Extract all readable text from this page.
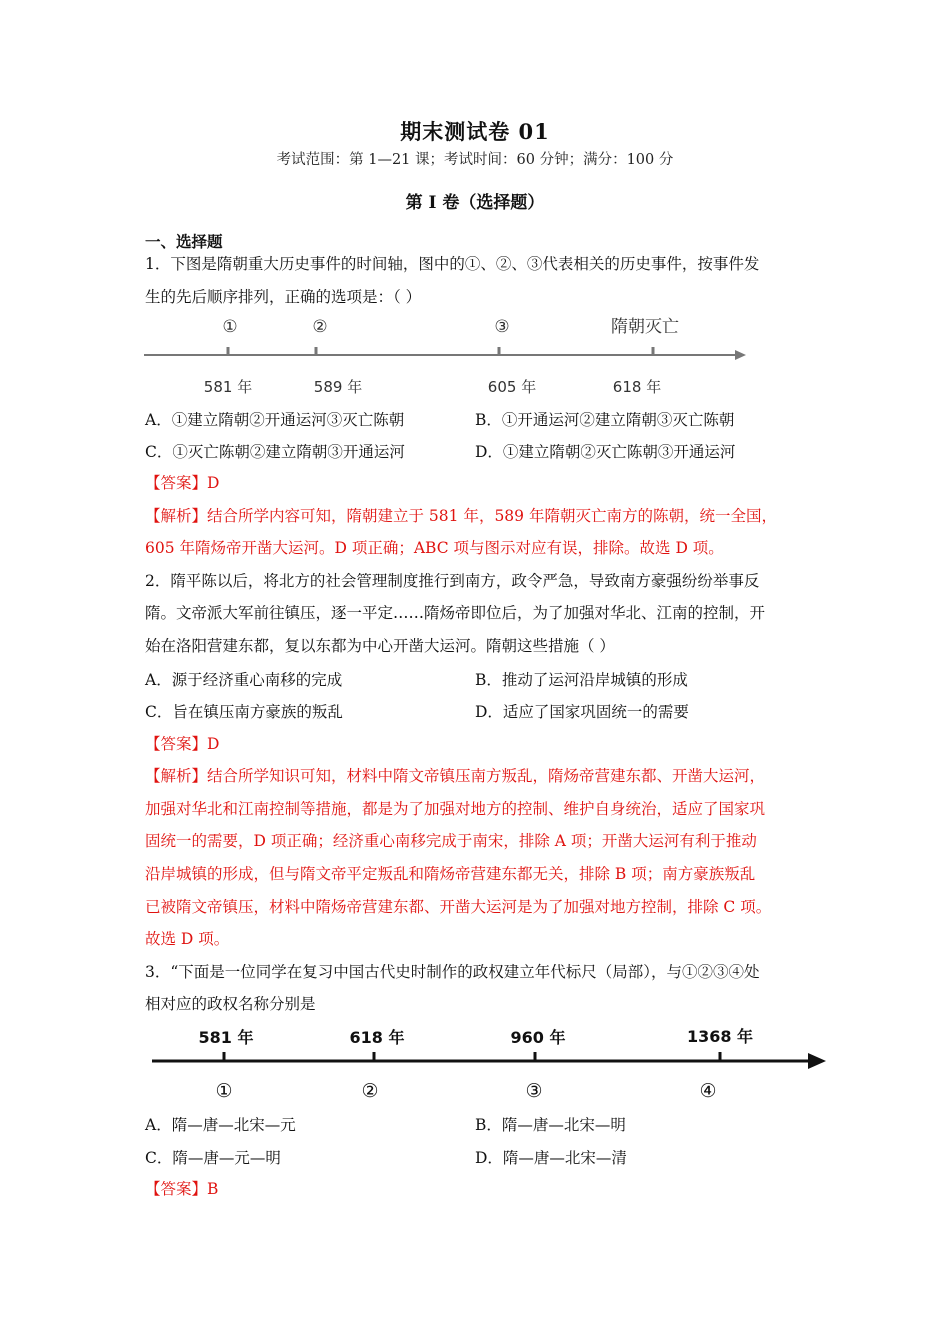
期末测试卷 01
考试范围：第 1—21 课；考试时间：60 分钟；满分：100 分
第 I 卷（选择题）
一、选择题
1．下图是隋朝重大历史事件的时间轴，图中的①、②、③代表相关的历史事件，按事件发
生的先后顺序排列，正确的选项是：（ ）
①	②	③	隋朝灭亡
581 年	589 年	605 年	618 年
A．①建立隋朝②开通运河③灭亡陈朝	B．①开通运河②建立隋朝③灭亡陈朝
C．①灭亡陈朝②建立隋朝③开通运河	D．①建立隋朝②灭亡陈朝③开通运河
【答案】D
【解析】结合所学内容可知，隋朝建立于 581 年，589 年隋朝灭亡南方的陈朝，统一全国，
605 年隋炀帝开凿大运河。D 项正确；ABC 项与图示对应有误，排除。故选 D 项。
2．隋平陈以后，将北方的社会管理制度推行到南方，政令严急，导致南方豪强纷纷举事反
隋。文帝派大军前往镇压，逐一平定……隋炀帝即位后，为了加强对华北、江南的控制，开
始在洛阳营建东都，复以东都为中心开凿大运河。隋朝这些措施（ ）
A．源于经济重心南移的完成	B．推动了运河沿岸城镇的形成
C．旨在镇压南方豪族的叛乱	D．适应了国家巩固统一的需要
【答案】D
【解析】结合所学知识可知，材料中隋文帝镇压南方叛乱，隋炀帝营建东都、开凿大运河，
加强对华北和江南控制等措施，都是为了加强对地方的控制、维护自身统治，适应了国家巩
固统一的需要，D 项正确；经济重心南移完成于南宋，排除 A 项；开凿大运河有利于推动
沿岸城镇的形成，但与隋文帝平定叛乱和隋炀帝营建东都无关，排除 B 项；南方豪族叛乱
已被隋文帝镇压，材料中隋炀帝营建东都、开凿大运河是为了加强对地方控制，排除 C 项。
故选 D 项。
3．“下面是一位同学在复习中国古代史时制作的政权建立年代标尺（局部），与①②③④处
相对应的政权名称分别是
581 年	618 年	960 年	1368 年
①	②	③	④
A．隋—唐—北宋—元	B．隋—唐—北宋—明
C．隋—唐—元—明	D．隋—唐—北宋—清
【答案】B
